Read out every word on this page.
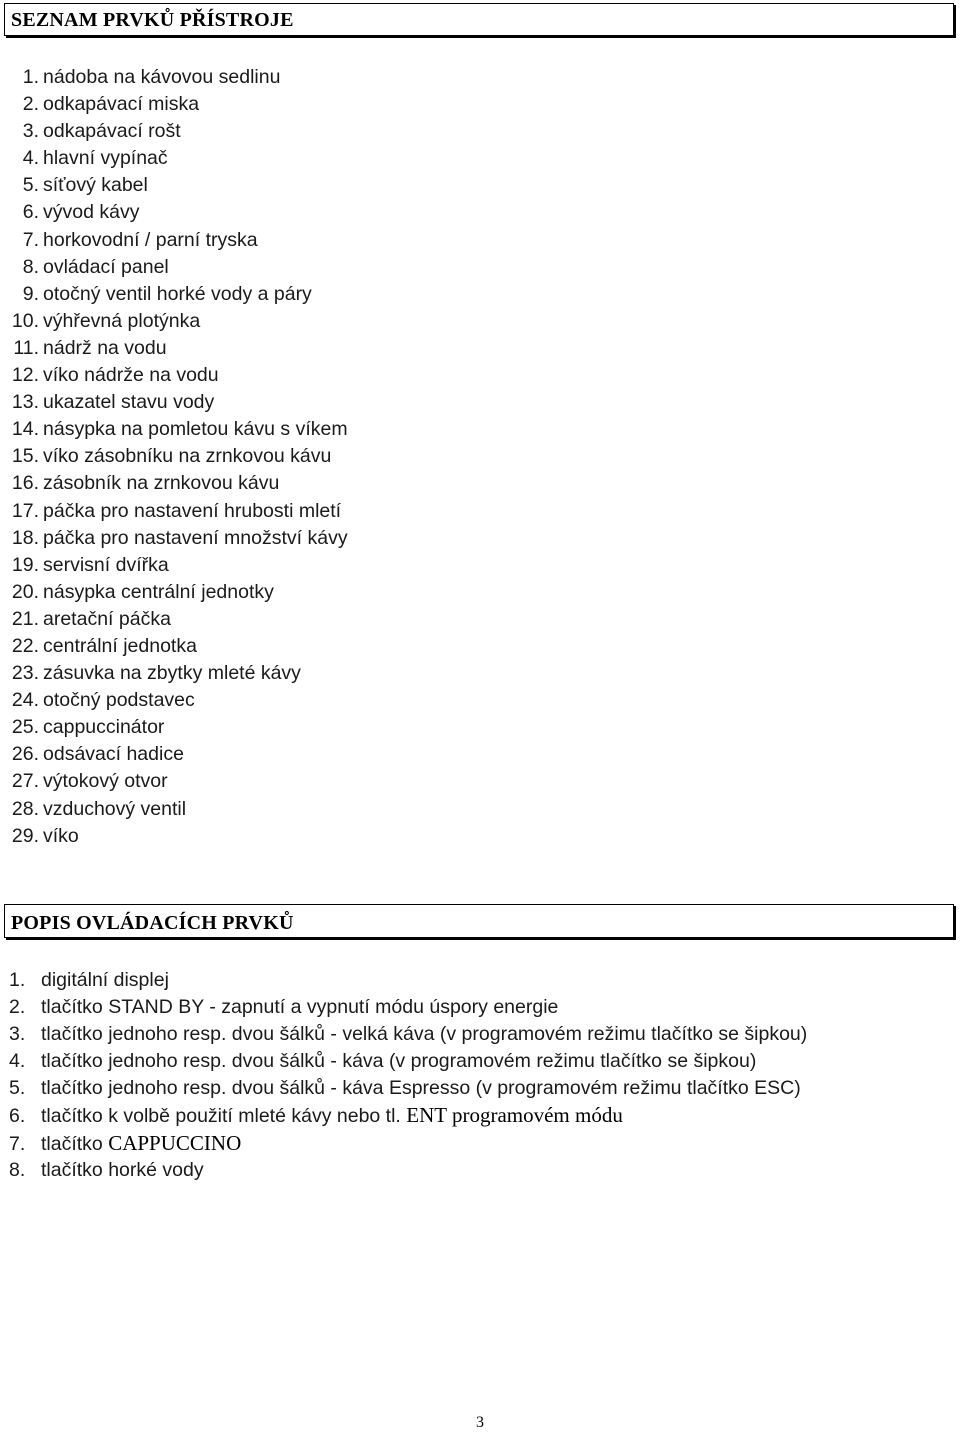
SEZNAM PRVKŮ PŘÍSTROJE
1. nádoba na kávovou sedlinu
2. odkapávací miska
3. odkapávací rošt
4. hlavní vypínač
5. síťový kabel
6. vývod kávy
7. horkovodní / parní tryska
8. ovládací panel
9. otočný ventil horké vody a páry
10. výhřevná plotýnka
11. nádrž na vodu
12. víko nádrže na vodu
13. ukazatel stavu vody
14. násypka na pomletou kávu s víkem
15. víko zásobníku na zrnkovou kávu
16. zásobník na zrnkovou kávu
17. páčka pro nastavení hrubosti mletí
18. páčka pro nastavení množství kávy
19. servisní dvířka
20. násypka centrální jednotky
21. aretační páčka
22. centrální jednotka
23. zásuvka na zbytky mleté kávy
24. otočný podstavec
25. cappuccinátor
26. odsávací hadice
27. výtokový otvor
28. vzduchový ventil
29. víko
POPIS OVLÁDACÍCH PRVKŮ
1. digitální displej
2. tlačítko STAND BY - zapnutí a vypnutí módu úspory energie
3. tlačítko jednoho resp. dvou šálků - velká káva (v programovém režimu tlačítko se šipkou)
4. tlačítko jednoho resp. dvou šálků - káva (v programovém režimu tlačítko se šipkou)
5. tlačítko jednoho resp. dvou šálků - káva Espresso (v programovém režimu tlačítko ESC)
6. tlačítko k volbě použití mleté kávy nebo tl. ENT programovém módu
7. tlačítko CAPPUCCINO
8. tlačítko horké vody
3
